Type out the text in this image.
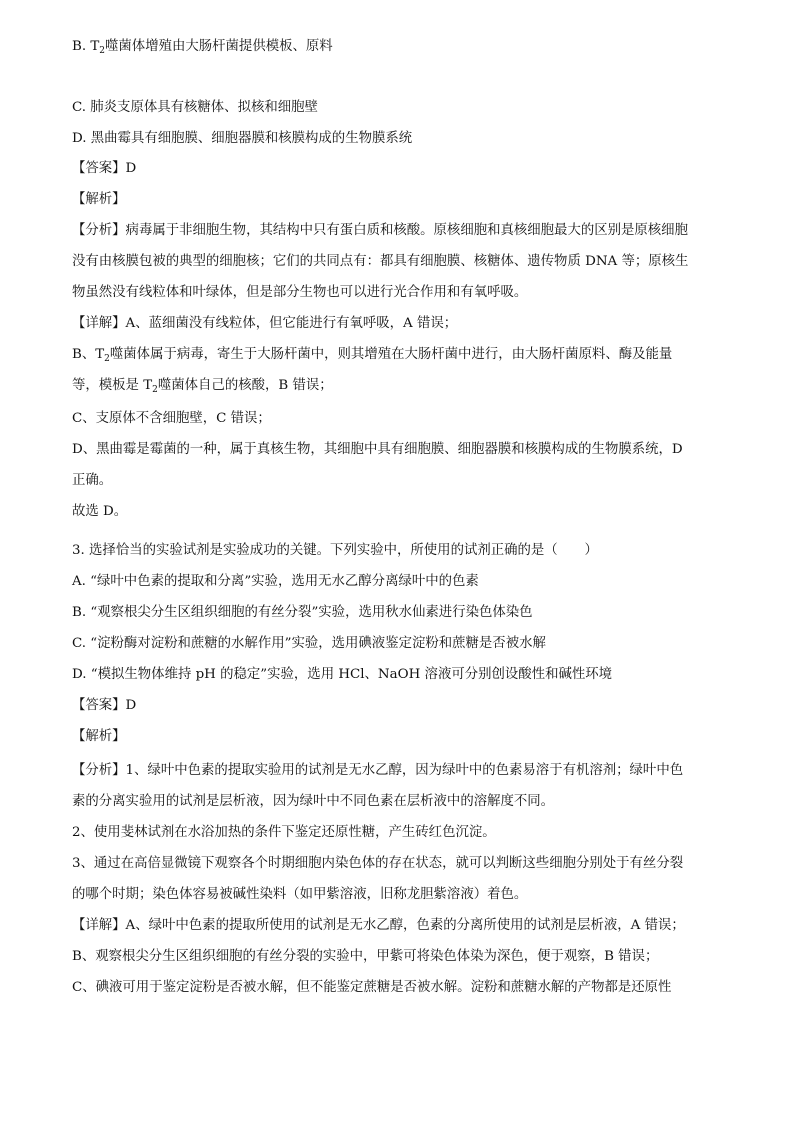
B. $T_2$噬菌体增殖由大肠杆菌提供模板、原料
C. 肺炎支原体具有核糖体、拟核和细胞壁
D. 黑曲霉具有细胞膜、细胞器膜和核膜构成的生物膜系统
【答案】D
【解析】
【分析】病毒属于非细胞生物，其结构中只有蛋白质和核酸。原核细胞和真核细胞最大的区别是原核细胞
没有由核膜包被的典型的细胞核；它们的共同点有：都具有细胞膜、核糖体、遗传物质 DNA 等；原核生
物虽然没有线粒体和叶绿体，但是部分生物也可以进行光合作用和有氧呼吸。
【详解】A、蓝细菌没有线粒体，但它能进行有氧呼吸，A 错误；
B、$T_2$噬菌体属于病毒，寄生于大肠杆菌中，则其增殖在大肠杆菌中进行，由大肠杆菌原料、酶及能量
等，模板是 $T_2$噬菌体自己的核酸，B 错误；
C、支原体不含细胞壁，C 错误；
D、黑曲霉是霉菌的一种，属于真核生物，其细胞中具有细胞膜、细胞器膜和核膜构成的生物膜系统，D
正确。
故选 D。
3. 选择恰当的实验试剂是实验成功的关键。下列实验中，所使用的试剂正确的是（　　）
A. “绿叶中色素的提取和分离”实验，选用无水乙醇分离绿叶中的色素
B. “观察根尖分生区组织细胞的有丝分裂”实验，选用秋水仙素进行染色体染色
C. “淀粉酶对淀粉和蔗糖的水解作用”实验，选用碘液鉴定淀粉和蔗糖是否被水解
D. “模拟生物体维持 pH 的稳定”实验，选用 HCl、NaOH 溶液可分别创设酸性和碱性环境
【答案】D
【解析】
【分析】1、绿叶中色素的提取实验用的试剂是无水乙醇，因为绿叶中的色素易溶于有机溶剂；绿叶中色
素的分离实验用的试剂是层析液，因为绿叶中不同色素在层析液中的溶解度不同。
2、使用斐林试剂在水浴加热的条件下鉴定还原性糖，产生砖红色沉淀。
3、通过在高倍显微镜下观察各个时期细胞内染色体的存在状态，就可以判断这些细胞分别处于有丝分裂
的哪个时期；染色体容易被碱性染料（如甲紫溶液，旧称龙胆紫溶液）着色。
【详解】A、绿叶中色素的提取所使用的试剂是无水乙醇，色素的分离所使用的试剂是层析液，A 错误；
B、观察根尖分生区组织细胞的有丝分裂的实验中，甲紫可将染色体染为深色，便于观察，B 错误；
C、碘液可用于鉴定淀粉是否被水解，但不能鉴定蔗糖是否被水解。淀粉和蔗糖水解的产物都是还原性
